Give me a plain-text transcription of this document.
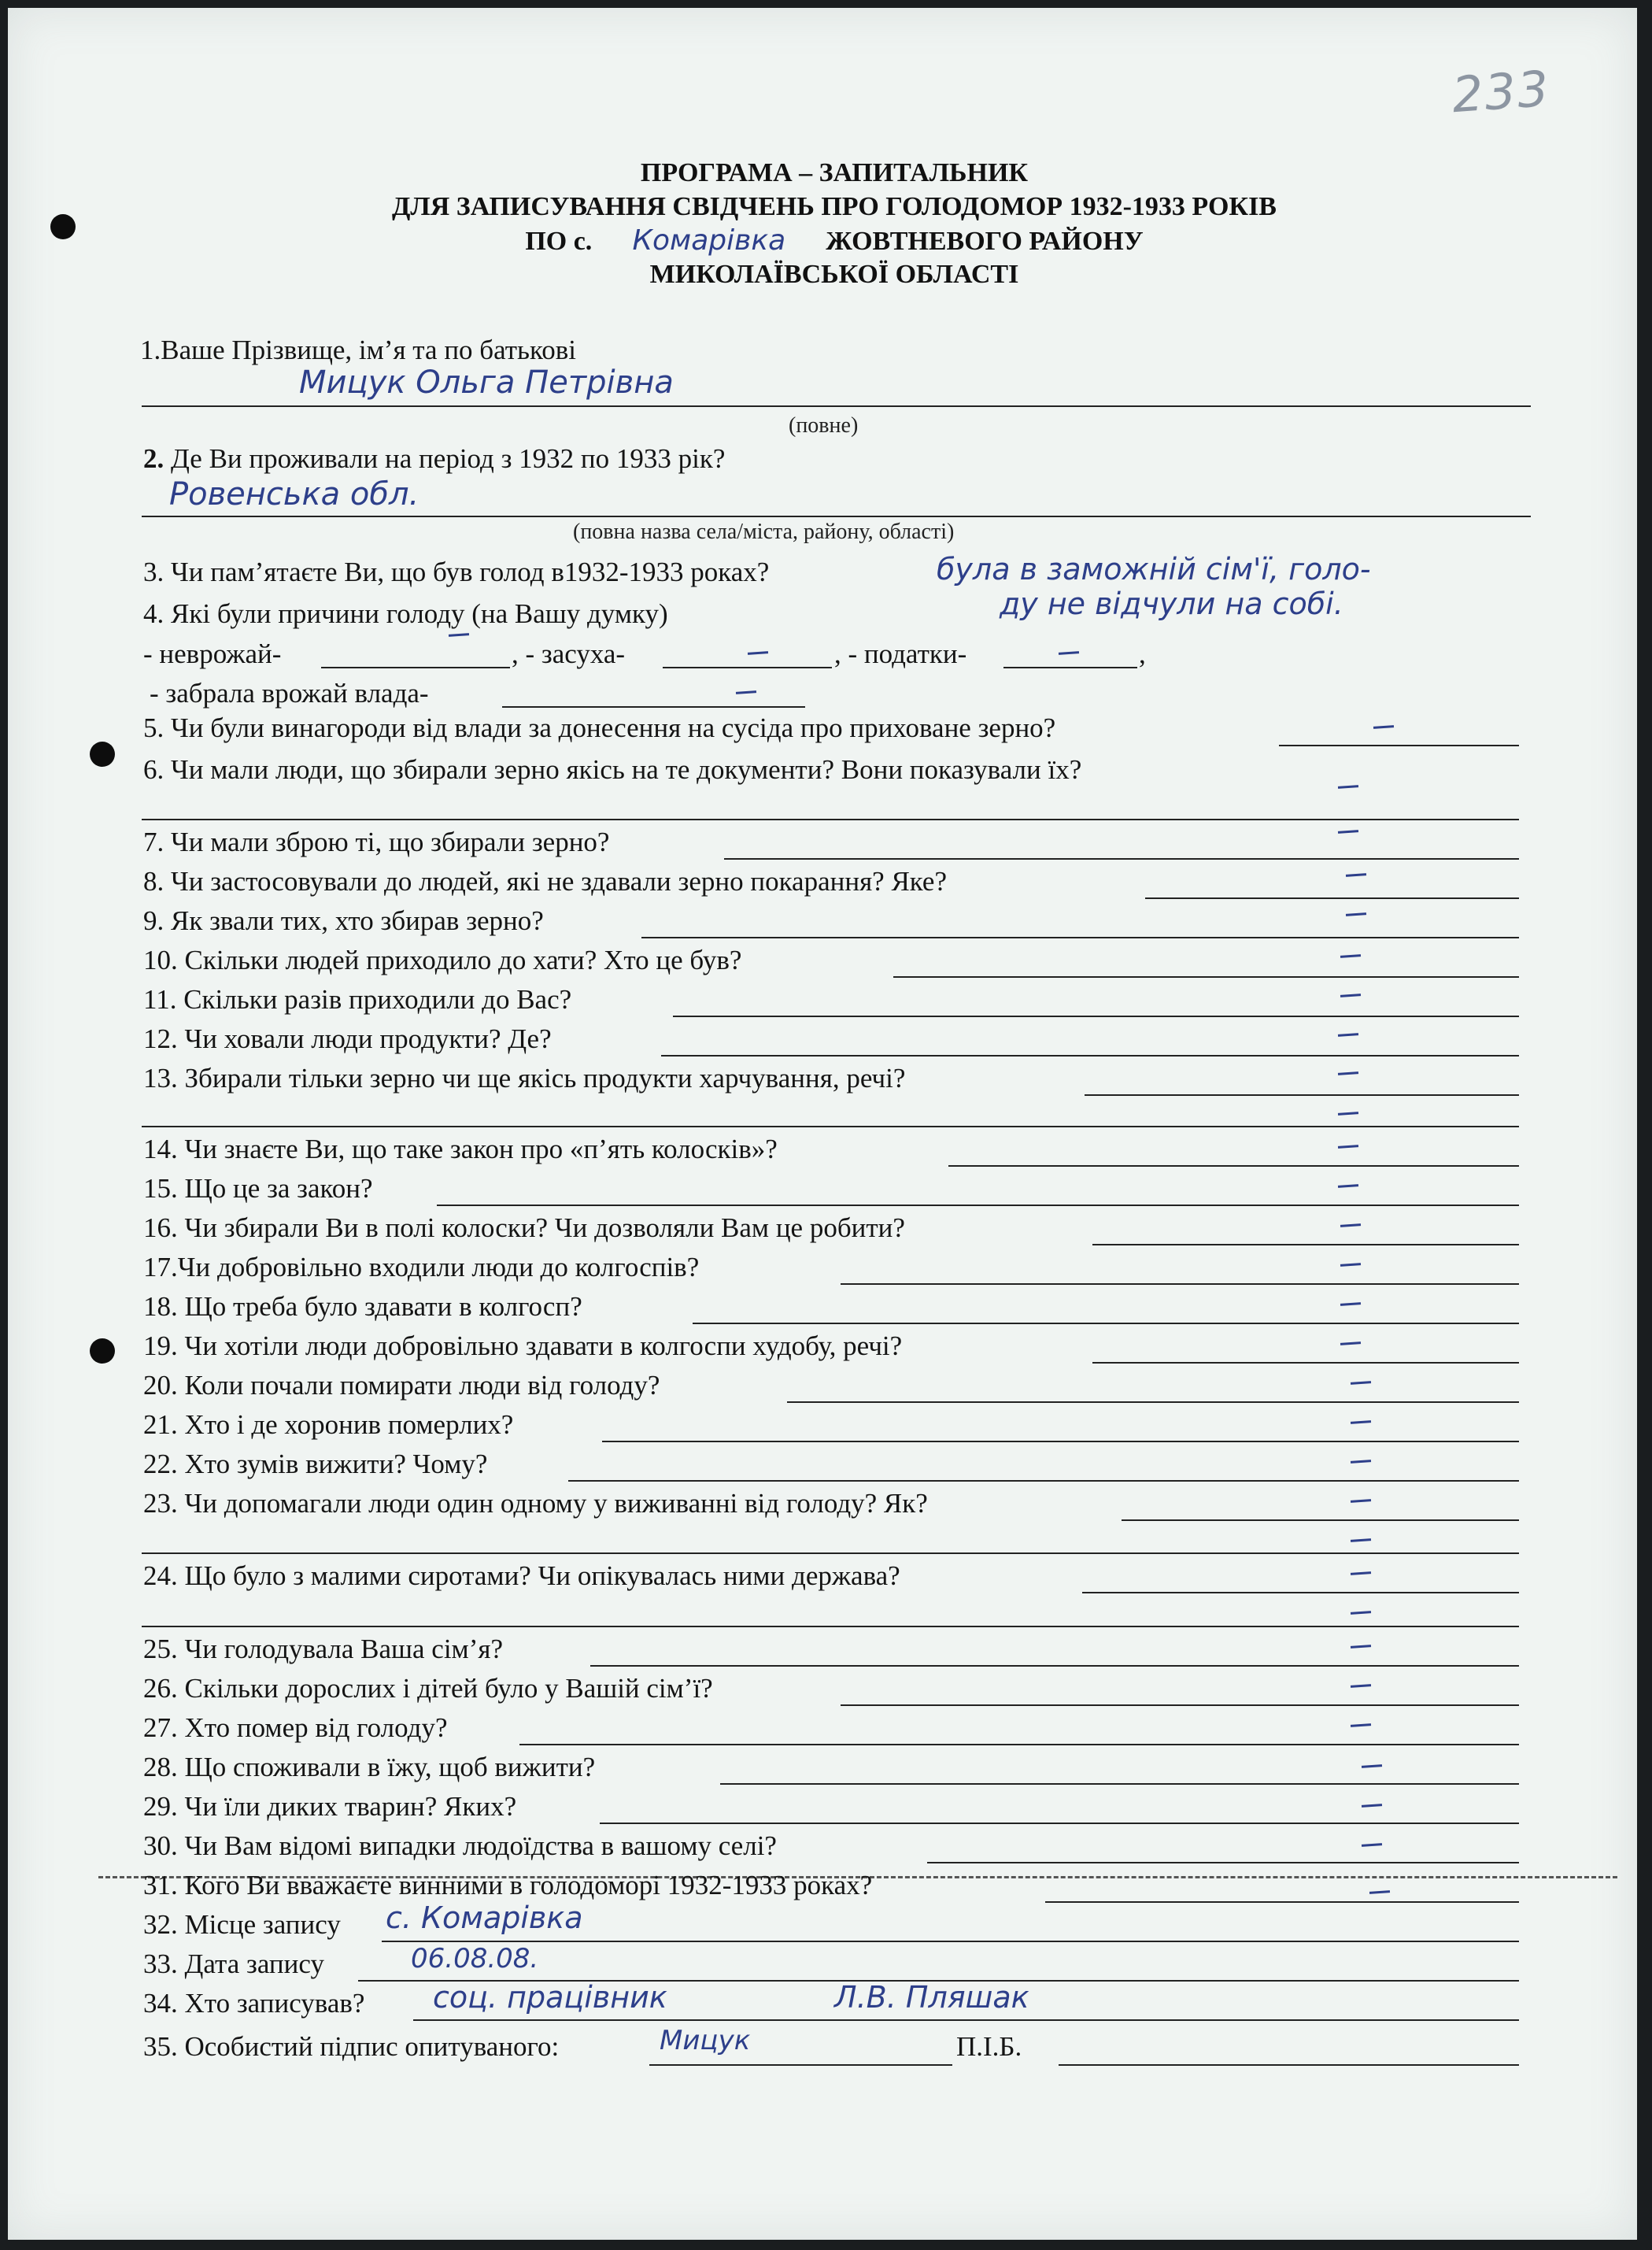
233
ПРОГРАМА – ЗАПИТАЛЬНИК
ДЛЯ ЗАПИСУВАННЯ СВІДЧЕНЬ ПРО ГОЛОДОМОР 1932-1933 РОКІВ
ПО с. Комарівка ЖОВТНЕВОГО РАЙОНУ
МИКОЛАЇВСЬКОЇ ОБЛАСТІ
1.Ваше Прізвище, ім’я та по батькові
Мицук Ольга Петрівна
(повне)
2. Де Ви проживали на період з 1932 по 1933 рік?
Ровенська обл.
(повна назва села/міста, району, області)
3. Чи пам’ятаєте Ви, що був голод в1932-1933 роках?	була в заможній сім'ї, голо-
ду не відчули на собі.
4. Які були причини голоду (на Вашу думку)
- неврожай-	, - засуха-	, - податки-	,
- забрала врожай влада-
5. Чи були винагороди від влади за донесення на сусіда про приховане зерно?
6. Чи мали люди, що збирали зерно якісь на те документи? Вони показували їх?
7. Чи мали зброю ті, що збирали зерно?
8. Чи застосовували до людей, які не здавали зерно покарання? Яке?
9. Як звали тих, хто збирав зерно?
10. Скільки людей приходило до хати? Хто це був?
11. Скільки разів приходили до Вас?
12. Чи ховали люди продукти? Де?
13. Збирали тільки зерно чи ще якісь продукти харчування, речі?
14. Чи знаєте Ви, що таке закон про «п’ять колосків»?
15. Що це за закон?
16. Чи збирали Ви в полі колоски? Чи дозволяли Вам це робити?
17.Чи добровільно входили люди до колгоспів?
18. Що треба було здавати в колгосп?
19. Чи хотіли люди добровільно здавати в колгоспи худобу, речі?
20. Коли почали помирати люди від голоду?
21. Хто і де хоронив померлих?
22. Хто зумів вижити? Чому?
23. Чи допомагали люди один одному у виживанні від голоду? Як?
24. Що було з малими сиротами? Чи опікувалась ними держава?
25. Чи голодувала Ваша сім’я?
26. Скільки дорослих і дітей було у Вашій сім’ї?
27. Хто помер від голоду?
28. Що споживали в їжу, щоб вижити?
29. Чи їли диких тварин? Яких?
30. Чи Вам відомі випадки людоїдства в вашому селі?
31. Кого Ви вважаєте винними в голодоморі 1932-1933 роках?
32. Місце запису с. Комарівка
33. Дата запису	06.08.08.
34. Хто записував? соц. працівник	Л.В. Пляшак
35. Особистий підпис опитуваного:	Мицук	П.І.Б.
